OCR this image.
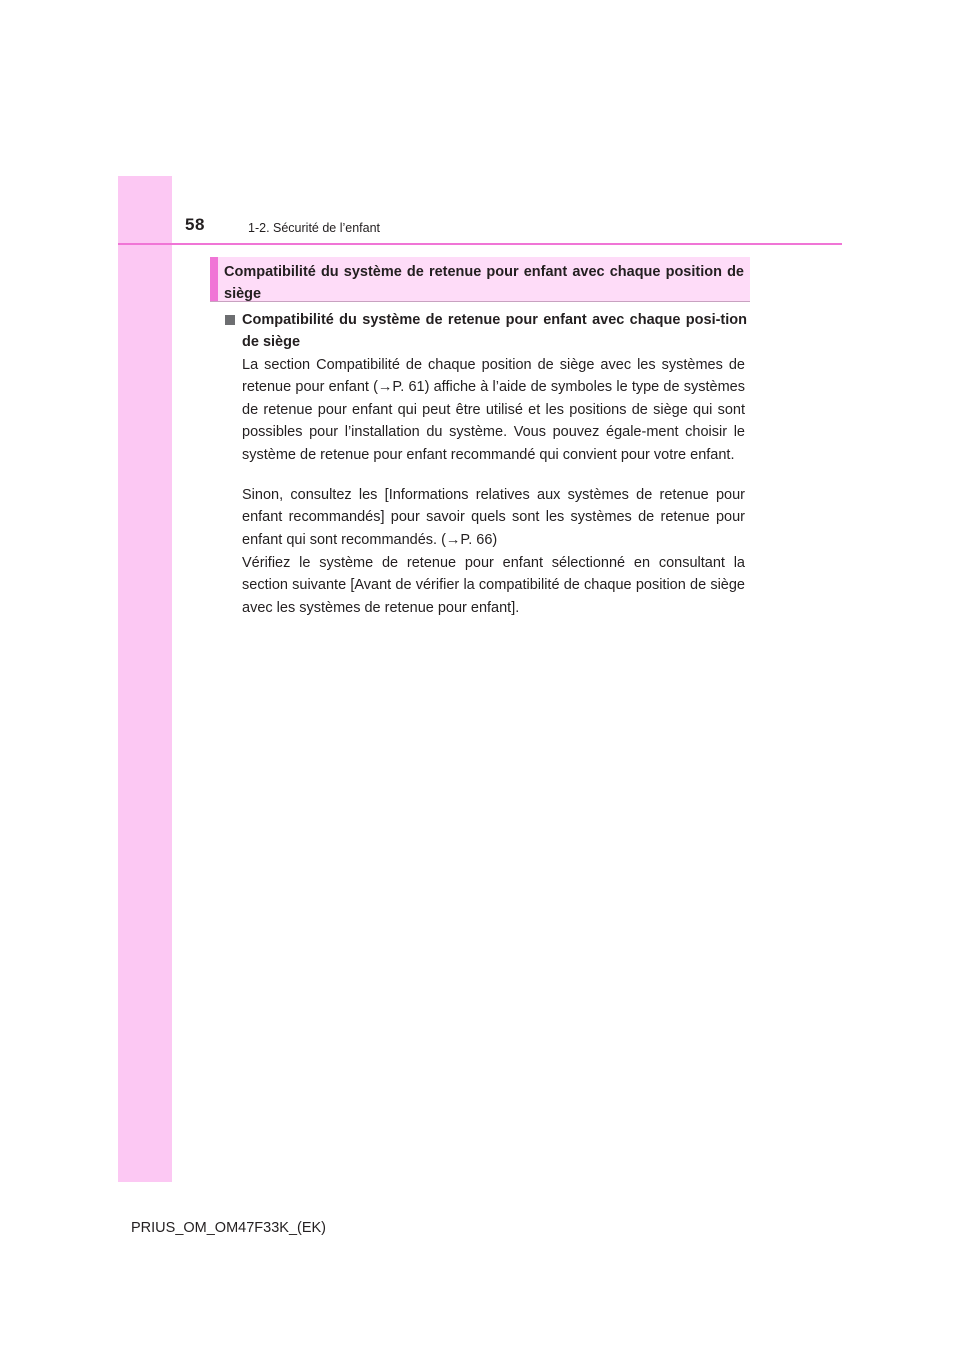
58	1-2. Sécurité de l’enfant
Compatibilité du système de retenue pour enfant avec chaque position de siège
Compatibilité du système de retenue pour enfant avec chaque posi-tion de siège

La section Compatibilité de chaque position de siège avec les systèmes de retenue pour enfant (→P. 61) affiche à l’aide de symboles le type de systèmes de retenue pour enfant qui peut être utilisé et les positions de siège qui sont possibles pour l’installation du système. Vous pouvez égale-ment choisir le système de retenue pour enfant recommandé qui convient pour votre enfant.

Sinon, consultez les [Informations relatives aux systèmes de retenue pour enfant recommandés] pour savoir quels sont les systèmes de retenue pour enfant qui sont recommandés. (→P. 66)

Vérifiez le système de retenue pour enfant sélectionné en consultant la section suivante [Avant de vérifier la compatibilité de chaque position de siège avec les systèmes de retenue pour enfant].

PRIUS_OM_OM47F33K_(EK)
